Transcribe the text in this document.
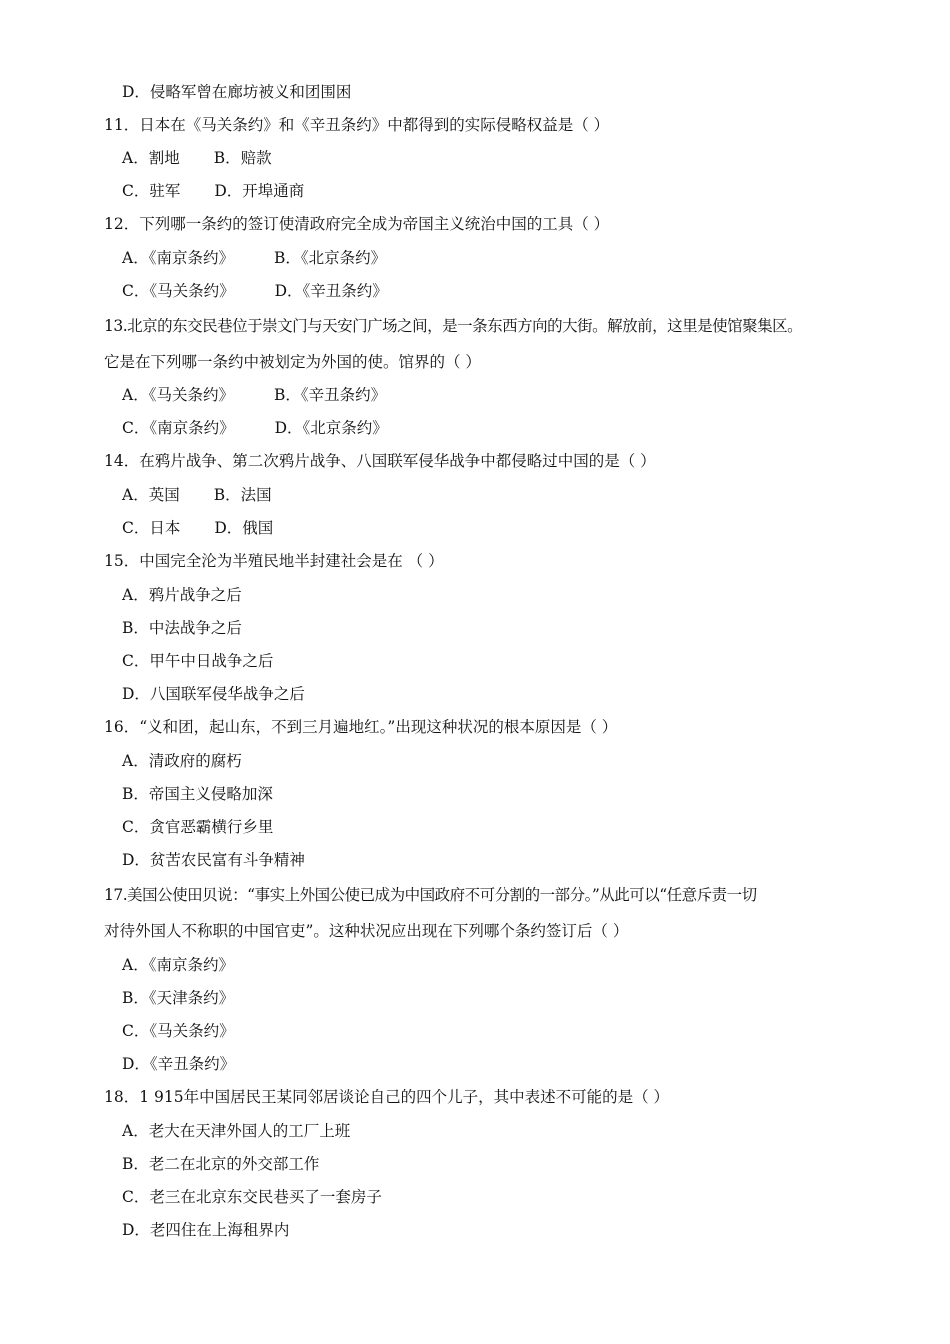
D．侵略军曾在廊坊被义和团围困
11．日本在《马关条约》和《辛丑条约》中都得到的实际侵略权益是（ ）
A．割地 B．赔款
C．驻军 D．开埠通商
12．下列哪一条约的签订使清政府完全成为帝国主义统治中国的工具（ ）
A．《南京条约》	B．《北京条约》
C．《马关条约》	D．《辛丑条约》
13.北京的东交民巷位于崇文门与天安门广场之间，是一条东西方向的大街。解放前，这里是使馆聚集区。
它是在下列哪一条约中被划定为外国的使。馆界的（ ）
A．《马关条约》	B．《辛丑条约》
C．《南京条约》	D．《北京条约》
14．在鸦片战争、第二次鸦片战争、八国联军侵华战争中都侵略过中国的是（ ）
A．英国 B．法国
C．日本 D．俄国
15．中国完全沦为半殖民地半封建社会是在 （ ）
A．鸦片战争之后
B．中法战争之后
C．甲午中日战争之后
D．八国联军侵华战争之后
16．“义和团，起山东，不到三月遍地红。”出现这种状况的根本原因是（ ）
A．清政府的腐朽
B．帝国主义侵略加深
C．贪官恶霸横行乡里
D．贫苦农民富有斗争精神
17.美国公使田贝说：“事实上外国公使已成为中国政府不可分割的一部分。”从此可以“任意斥责一切
对待外国人不称职的中国官吏”。这种状况应出现在下列哪个条约签订后（ ）
A．《南京条约》
B．《天津条约》
C．《马关条约》
D．《辛丑条约》
18．1 915年中国居民王某同邻居谈论自己的四个儿子，其中表述不可能的是（ ）
A．老大在天津外国人的工厂上班
B．老二在北京的外交部工作
C．老三在北京东交民巷买了一套房子
D．老四住在上海租界内
